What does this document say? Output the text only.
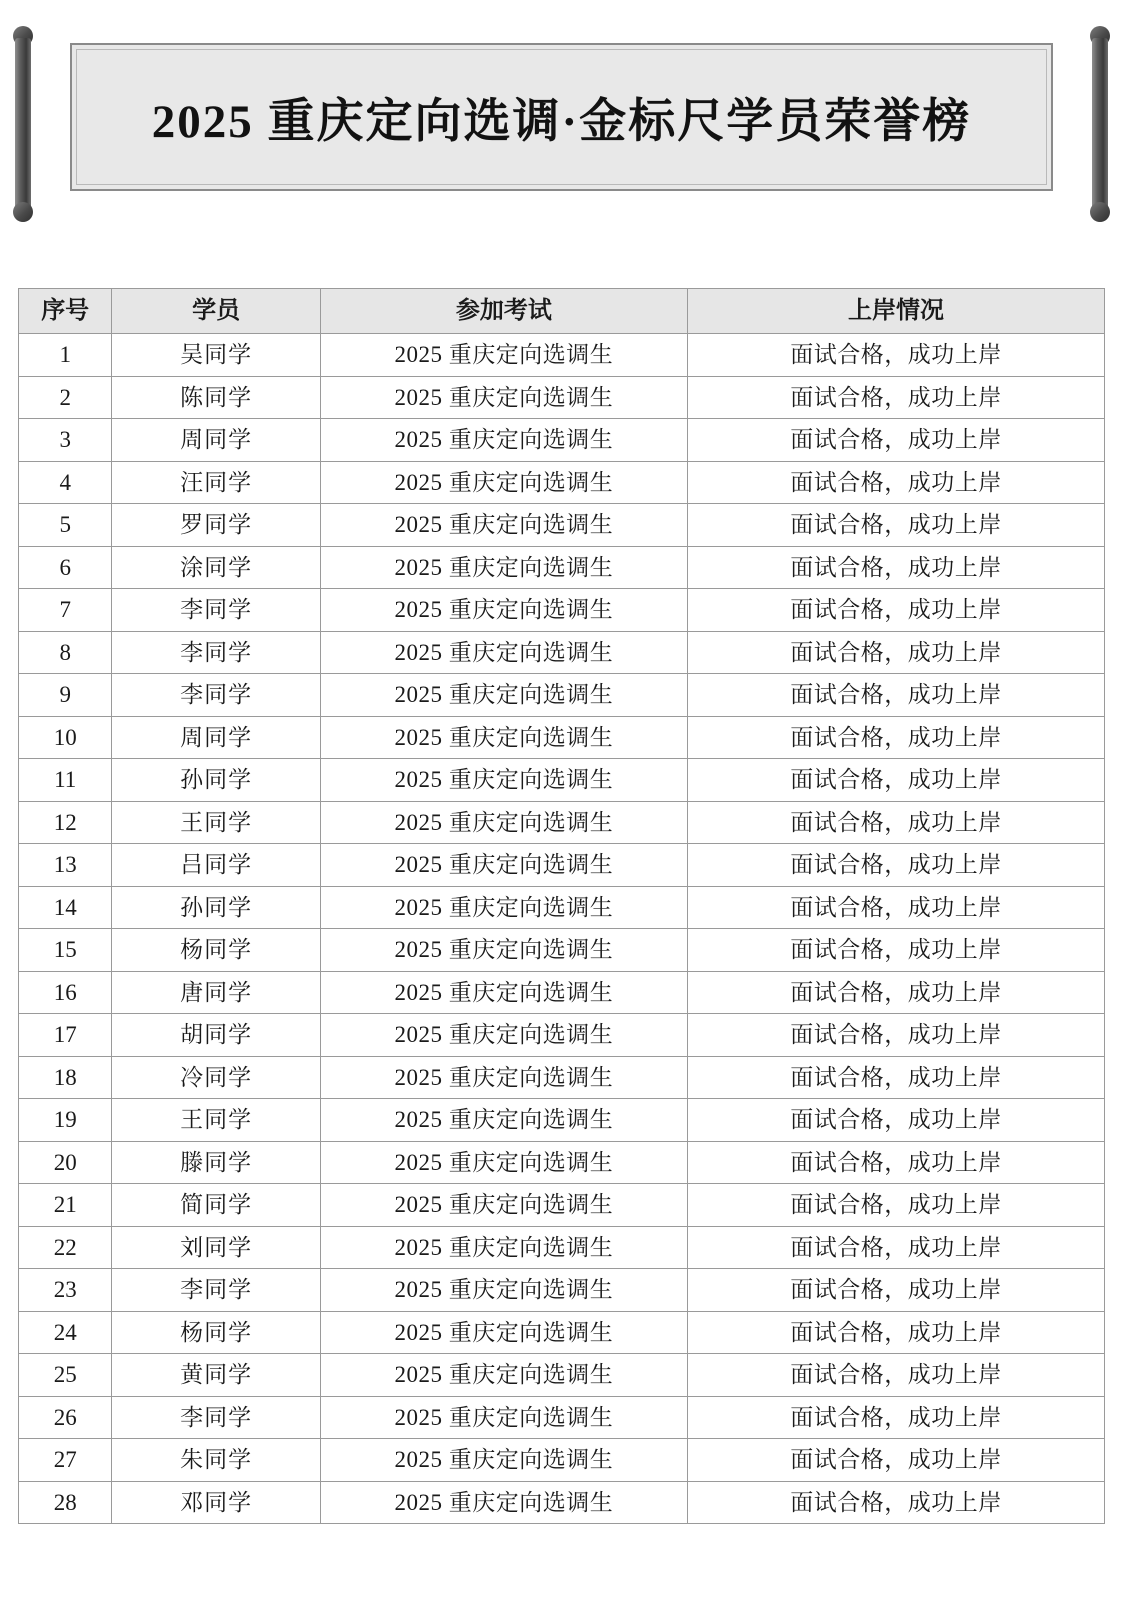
2025 重庆定向选调·金标尺学员荣誉榜
序号	学员	参加考试	上岸情况
1	吴同学	2025 重庆定向选调生	面试合格，成功上岸
2	陈同学	2025 重庆定向选调生	面试合格，成功上岸
3	周同学	2025 重庆定向选调生	面试合格，成功上岸
4	汪同学	2025 重庆定向选调生	面试合格，成功上岸
5	罗同学	2025 重庆定向选调生	面试合格，成功上岸
6	涂同学	2025 重庆定向选调生	面试合格，成功上岸
7	李同学	2025 重庆定向选调生	面试合格，成功上岸
8	李同学	2025 重庆定向选调生	面试合格，成功上岸
9	李同学	2025 重庆定向选调生	面试合格，成功上岸
10	周同学	2025 重庆定向选调生	面试合格，成功上岸
11	孙同学	2025 重庆定向选调生	面试合格，成功上岸
12	王同学	2025 重庆定向选调生	面试合格，成功上岸
13	吕同学	2025 重庆定向选调生	面试合格，成功上岸
14	孙同学	2025 重庆定向选调生	面试合格，成功上岸
15	杨同学	2025 重庆定向选调生	面试合格，成功上岸
16	唐同学	2025 重庆定向选调生	面试合格，成功上岸
17	胡同学	2025 重庆定向选调生	面试合格，成功上岸
18	冷同学	2025 重庆定向选调生	面试合格，成功上岸
19	王同学	2025 重庆定向选调生	面试合格，成功上岸
20	滕同学	2025 重庆定向选调生	面试合格，成功上岸
21	简同学	2025 重庆定向选调生	面试合格，成功上岸
22	刘同学	2025 重庆定向选调生	面试合格，成功上岸
23	李同学	2025 重庆定向选调生	面试合格，成功上岸
24	杨同学	2025 重庆定向选调生	面试合格，成功上岸
25	黄同学	2025 重庆定向选调生	面试合格，成功上岸
26	李同学	2025 重庆定向选调生	面试合格，成功上岸
27	朱同学	2025 重庆定向选调生	面试合格，成功上岸
28	邓同学	2025 重庆定向选调生	面试合格，成功上岸
